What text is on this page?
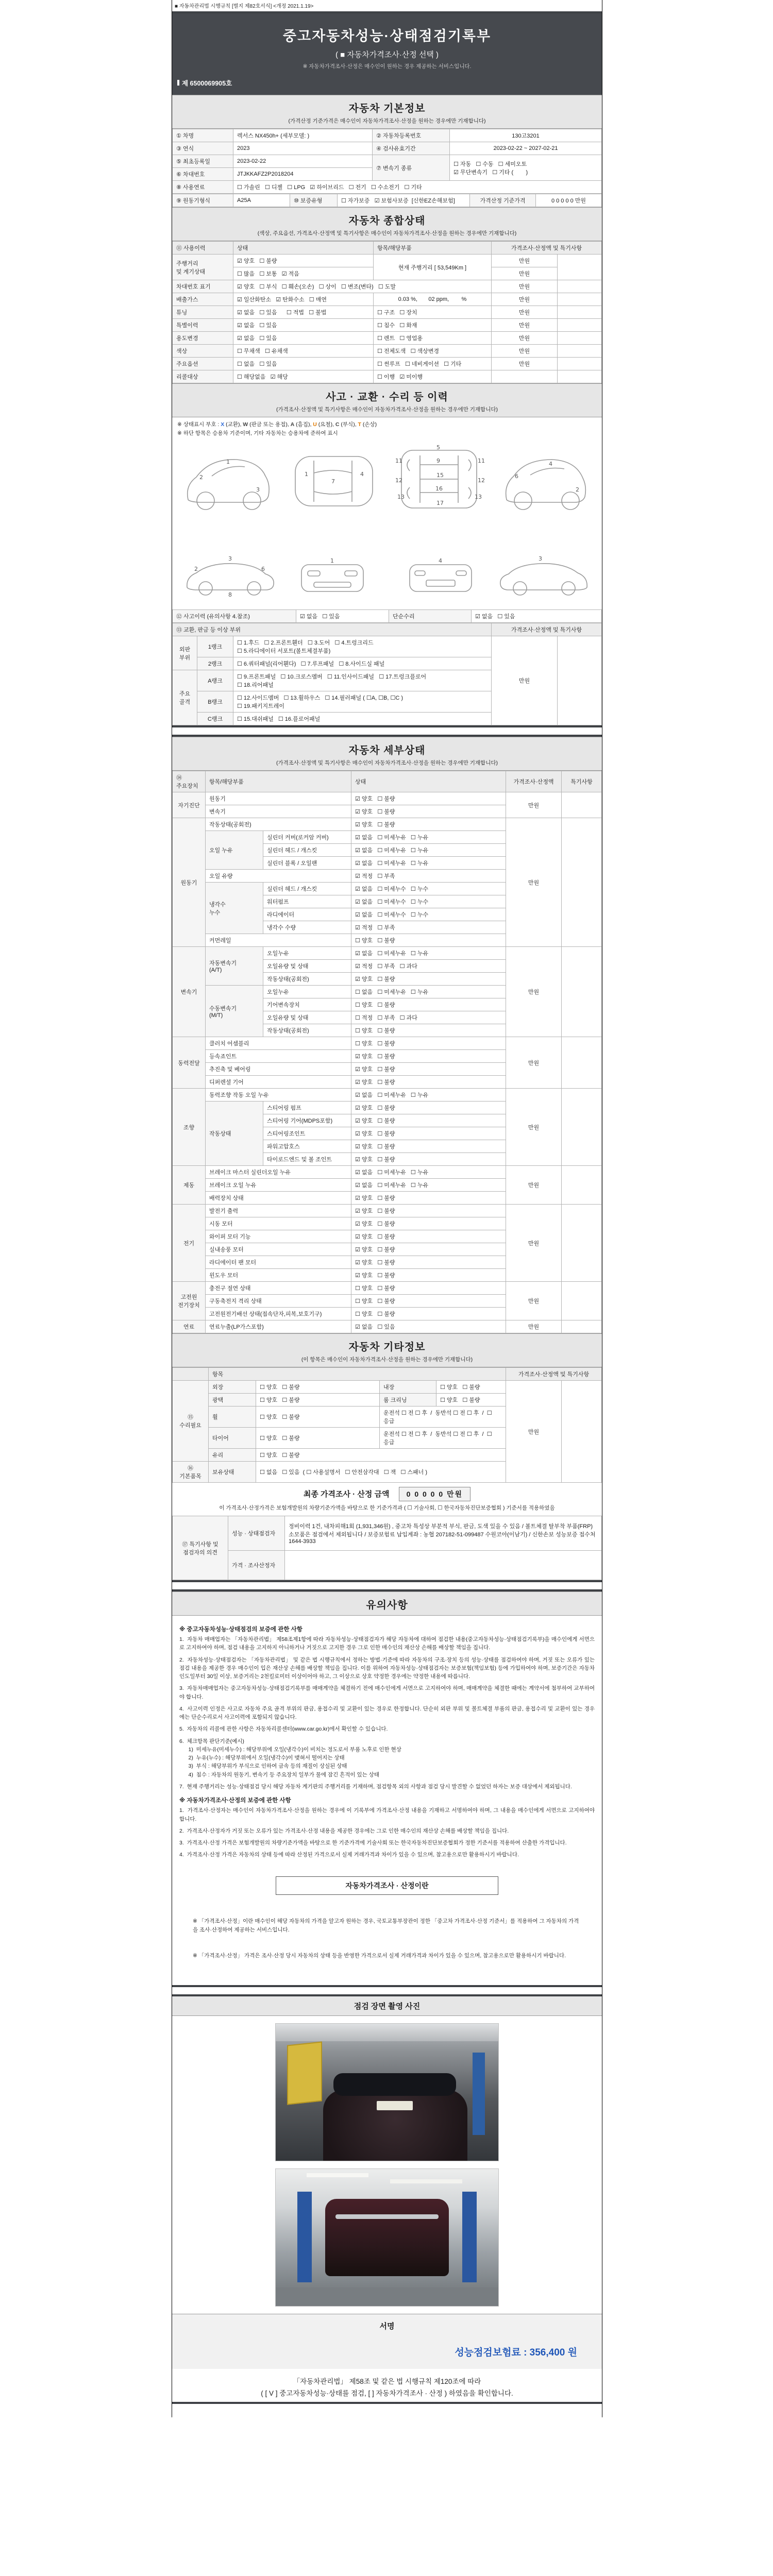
■ 자동차관리법 시행규칙 [별지 제82호서식] <개정 2021.1.19>
중고자동차성능·상태점검기록부
( ■ 자동차가격조사·산정 선택 )
※ 자동차가격조사·산정은 매수인이 원하는 경우 제공하는 서비스입니다.
제 6500069905호
자동차 기본정보
(가격산정 기준가격은 매수인이 자동차가격조사·산정을 원하는 경우에만 기재합니다)
① 차명	렉서스 NX450h+ (세부모델: )	② 자동차등록번호	130고3201
③ 연식	2023	④ 검사유효기간	2023-02-22 ~ 2027-02-21
⑤ 최초등록일	2023-02-22	⑦ 변속기 종류	☐ 자동   ☐ 수동   ☐ 세미오토
☑ 무단변속기   ☐ 기타 (        )
⑥ 차대번호	JTJKKAFZ2P2018204		
⑧ 사용연료	☐ 가솔린   ☐ 디젤   ☐ LPG   ☑ 하이브리드   ☐ 전기   ☐ 수소전기   ☐ 기타		
⑨ 원동기형식	A25A	⑩ 보증유형	☐ 자가보증   ☑ 보험사보증  [신한EZ손해보험]	가격산정 기준가격	0 0 0 0 0 만원
자동차 종합상태
(색상, 주요옵션, 가격조사·산정액 및 특기사항은 매수인이 자동차가격조사·산정을 원하는 경우에만 기재합니다)
⑪ 사용이력	상태	항목/해당부품	가격조사·산정액 및 특기사항	
주행거리
및 계기상태	☑ 양호   ☐ 불량	현재 주행거리 [ 53,549Km ]	만원	
	☐ 많음   ☐ 보통   ☑ 적음		만원	
차대번호 표기	☑ 양호   ☐ 부식   ☐ 훼손(오손)   ☐ 상이   ☐ 변조(변타)   ☐ 도말		만원	
배출가스	☑ 일산화탄소   ☑ 탄화수소   ☐ 매연	0.03 %,       02 ppm,        %	만원	
튜닝	☑ 없음   ☐ 있음      ☐ 적법   ☐ 불법	☐ 구조   ☐ 장치	만원	
특별이력	☑ 없음   ☐ 있음	☐ 침수   ☐ 화재	만원	
용도변경	☑ 없음   ☐ 있음	☐ 렌트   ☐ 영업용	만원	
색상	☐ 무채색   ☐ 유채색	☐ 전체도색   ☐ 색상변경	만원	
주요옵션	☐ 없음   ☐ 있음	☐ 썬루프   ☐ 네비게이션   ☐ 기타	만원	
리콜대상	☐ 해당없음   ☑ 해당	☐ 이행   ☑ 미이행		
사고 · 교환 · 수리 등 이력
(가격조사·산정액 및 특기사항은 매수인이 자동차가격조사·산정을 원하는 경우에만 기재합니다)
※ 상태표시 부호 : X (교환), W (판금 또는 용접), A (흠집), U (요철), C (부식), T (손상)
※ 하단 항목은 승용차 기준이며, 기타 자동차는 승용차에 준하여 표시
2
1
3
1
7
4
5
9
11	11
12	12
15
16
17
13	13
6
4
2
3
2	6
8
1	4	3
⑫ 사고이력 (유의사항 4.참조)	☑ 없음   ☐ 있음	단순수리	☑ 없음   ☐ 있음
⑬ 교환, 판금 등 이상 부위			가격조사·산정액 및 특기사항	
외판 부위	1랭크	☐ 1.후드   ☐ 2.프론트휀더   ☐ 3.도어   ☐ 4.트렁크리드
☐ 5.라디에이터 서포트(볼트체결부품)	만원	
	2랭크	☐ 6.쿼터패널(리어휀다)   ☐ 7.루프패널   ☐ 8.사이드실 패널		
주요 골격	A랭크	☐ 9.프론트패널   ☐ 10.크로스멤버   ☐ 11.인사이드패널   ☐ 17.트렁크플로어
☐ 18.리어패널		
	B랭크	☐ 12.사이드멤버   ☐ 13.휠하우스   ☐ 14.필러패널 ( ☐A, ☐B, ☐C )
☐ 19.패키지트레이		
	C랭크	☐ 15.대쉬패널   ☐ 16.플로어패널		
자동차 세부상태
(가격조사·산정액 및 특기사항은 매수인이 자동차가격조사·산정을 원하는 경우에만 기재합니다)
⑭ 주요장치	항목/해당부품		상태	가격조사·산정액	특기사항
자기진단	원동기		☑ 양호   ☐ 불량	만원	
	변속기		☑ 양호   ☐ 불량		
원동기	작동상태(공회전)		☑ 양호   ☐ 불량	만원	
	오일 누유	실린더 커버(로커암 커버)	☑ 없음   ☐ 미세누유   ☐ 누유		
		실린더 헤드 / 개스킷	☑ 없음   ☐ 미세누유   ☐ 누유		
		실린더 블록 / 오일팬	☑ 없음   ☐ 미세누유   ☐ 누유		
	오일 유량		☑ 적정   ☐ 부족		
	냉각수
누수	실린더 헤드 / 개스킷	☑ 없음   ☐ 미세누수   ☐ 누수		
		워터펌프	☑ 없음   ☐ 미세누수   ☐ 누수		
		라디에이터	☑ 없음   ☐ 미세누수   ☐ 누수		
		냉각수 수량	☑ 적정   ☐ 부족		
	커먼레일		☐ 양호   ☐ 불량		
변속기	자동변속기
(A/T)	오일누유	☑ 없음   ☐ 미세누유   ☐ 누유	만원	
		오일유량 및 상태	☑ 적정   ☐ 부족   ☐ 과다		
		작동상태(공회전)	☑ 양호   ☐ 불량		
	수동변속기
(M/T)	오일누유	☐ 없음   ☐ 미세누유   ☐ 누유		
		기어변속장치	☐ 양호   ☐ 불량		
		오일유량 및 상태	☐ 적정   ☐ 부족   ☐ 과다		
		작동상태(공회전)	☐ 양호   ☐ 불량		
동력전달	클러치 어셈블리		☐ 양호   ☐ 불량	만원	
	등속죠인트		☑ 양호   ☐ 불량		
	추진축 및 베어링		☑ 양호   ☐ 불량		
	디퍼렌셜 기어		☑ 양호   ☐ 불량		
조향	동력조향 작동 오일 누유		☑ 없음   ☐ 미세누유   ☐ 누유	만원	
	작동상태	스티어링 펌프	☑ 양호   ☐ 불량		
		스티어링 기어(MDPS포함)	☑ 양호   ☐ 불량		
		스티어링조인트	☑ 양호   ☐ 불량		
		파워고압호스	☑ 양호   ☐ 불량		
		타이로드엔드 및 볼 조인트	☑ 양호   ☐ 불량		
제동	브레이크 마스터 실린더오일 누유		☑ 없음   ☐ 미세누유   ☐ 누유	만원	
	브레이크 오일 누유		☑ 없음   ☐ 미세누유   ☐ 누유		
	배력장치 상태		☑ 양호   ☐ 불량		
전기	발전기 출력		☑ 양호   ☐ 불량	만원	
	시동 모터		☑ 양호   ☐ 불량		
	와이퍼 모터 기능		☑ 양호   ☐ 불량		
	실내송풍 모터		☑ 양호   ☐ 불량		
	라디에이터 팬 모터		☑ 양호   ☐ 불량		
	윈도우 모터		☑ 양호   ☐ 불량		
고전원
전기장치	충전구 절연 상태		☐ 양호   ☐ 불량	만원	
	구동축전지 격리 상태		☐ 양호   ☐ 불량		
	고전원전기배선 상태(접속단자,피복,보호기구)		☐ 양호   ☐ 불량		
연료	연료누출(LP가스포함)		☑ 없음   ☐ 있음	만원	
자동차 기타정보
(이 항목은 매수인이 자동차가격조사·산정을 원하는 경우에만 기재합니다)
	항목				가격조사·산정액 및 특기사항	
⑮ 수리필요	외장	☐ 양호   ☐ 불량	내장	☐ 양호   ☐ 불량	만원	
	광택	☐ 양호   ☐ 불량	룸 크리닝	☐ 양호   ☐ 불량		
	휠	☐ 양호   ☐ 불량	운전석 ☐ 전 ☐ 후  /  동반석 ☐ 전 ☐ 후  /  ☐ 응급			
	타이어	☐ 양호   ☐ 불량	운전석 ☐ 전 ☐ 후  /  동반석 ☐ 전 ☐ 후  /  ☐ 응급			
	유리	☐ 양호   ☐ 불량				
⑯ 기본품목	보유상태	☐ 없음   ☐ 있음  ( ☐ 사용설명서   ☐ 안전삼각대   ☐ 잭   ☐ 스패너 )				
최종 가격조사 · 산정 금액 0 0 0 0 0 만원
이 가격조사·산정가격은 보험개발원의 차량기준가액을 바탕으로 한 기준가격과 ( ☐ 기술사회, ☐ 한국자동차진단보증협회 ) 기준서를 적용하였음
⑰ 특기사항 및
점검자의 의견	성능 · 상태점검자	정비이력 1건, 내차피해1회 (1,931,346원) , 중고차 특성상 부분적 부식, 판금, 도색 있을 수 있음 / 볼트체결 탈부착 부품(FRP)소모품은 점검에서 제외됩니다 / 보증보험료 납입계좌 : 농협 207182-51-099487 수원코아(이남기) / 신한손보 성능보증 접수처 1644-3933
	가격 · 조사산정자	
유의사항
※ 중고자동차성능·상태점검의 보증에 관한 사항

1.  자동차 매매업자는 「자동차관리법」 제58조제1항에 따라 자동차성능·상태점검자가 해당 자동차에 대하여 점검한 내용(중고자동차성능·상태점검기록부)을 매수인에게 서면으로 고지하여야 하며, 점검 내용을 고지하지 아니하거나 거짓으로 고지한 경우 그로 인한 매수인의 재산상 손해를 배상할 책임을 집니다.

2.  자동차성능·상태점검자는 「자동차관리법」 및 같은 법 시행규칙에서 정하는 방법·기준에 따라 자동차의 구조·장치 등의 성능·상태를 점검하여야 하며, 거짓 또는 오류가 있는 점검 내용을 제공한 경우 매수인이 입은 재산상 손해를 배상할 책임을 집니다. 이를 위하여 자동차성능·상태점검자는 보증보험(책임보험) 등에 가입하여야 하며, 보증기간은 자동차 인도일부터 30일 이상, 보증거리는 2천킬로미터 이상이어야 하고, 그 이상으로 상호 약정한 경우에는 약정한 내용에 따릅니다.

3.  자동차매매업자는 중고자동차성능·상태점검기록부를 매매계약을 체결하기 전에 매수인에게 서면으로 고지하여야 하며, 매매계약을 체결한 때에는 계약서에 첨부하여 교부하여야 합니다.

4.  사고이력 인정은 사고로 자동차 주요 골격 부위의 판금, 용접수리 및 교환이 있는 경우로 한정합니다. 단순히 외판 부위 및 볼트체결 부품의 판금, 용접수리 및 교환이 있는 경우에는 단순수리로서 사고이력에 포함되지 않습니다.

5.  자동차의 리콜에 관한 사항은 자동차리콜센터(www.car.go.kr)에서 확인할 수 있습니다.

6.  체크항목 판단기준(예시)
1)  미세누유(미세누수) : 해당부위에 오일(냉각수)이 비치는 정도로서 부품 노후로 인한 현상
2)  누유(누수) : 해당부위에서 오일(냉각수)이 맺혀서 떨어지는 상태
3)  부식 : 해당부위가 부식으로 인하여 금속 등의 재질이 상실된 상태
4)  침수 : 자동차의 원동기, 변속기 등 주요장치 일부가 물에 잠긴 흔적이 있는 상태

7.  현재 주행거리는 성능·상태점검 당시 해당 자동차 계기판의 주행거리를 기재하며, 점검항목 외의 사항과 점검 당시 발견할 수 없었던 하자는 보증 대상에서 제외됩니다.

※ 자동차가격조사·산정의 보증에 관한 사항

1.  가격조사·산정자는 매수인이 자동차가격조사·산정을 원하는 경우에 이 기록부에 가격조사·산정 내용을 기재하고 서명하여야 하며, 그 내용을 매수인에게 서면으로 고지하여야 합니다.

2.  가격조사·산정자가 거짓 또는 오류가 있는 가격조사·산정 내용을 제공한 경우에는 그로 인한 매수인의 재산상 손해를 배상할 책임을 집니다.

3.  가격조사·산정 가격은 보험개발원의 차량기준가액을 바탕으로 한 기준가격에 기술사회 또는 한국자동차진단보증협회가 정한 기준서를 적용하여 산출한 가격입니다.

4.  가격조사·산정 가격은 자동차의 상태 등에 따라 산정된 가격으로서 실제 거래가격과 차이가 있을 수 있으며, 참고용으로만 활용하시기 바랍니다.

자동차가격조사 · 산정이란

※ 「가격조사·산정」이란 매수인이 해당 자동차의 가격을 알고자 원하는 경우, 국토교통부장관이 정한 「중고차 가격조사·산정 기준서」를 적용하여 그 자동차의 가격을 조사·산정하여 제공하는 서비스입니다.

※ 「가격조사·산정」 가격은 조사·산정 당시 자동차의 상태 등을 반영한 가격으로서 실제 거래가격과 차이가 있을 수 있으며, 참고용으로만 활용하시기 바랍니다.

점검 장면 촬영 사진
서명
성능점검보험료 : 356,400 원
「자동차관리법」 제58조 및 같은 법 시행규칙 제120조에 따라
( [ V ] 중고자동차성능·상태를 점검, [ ] 자동차가격조사 · 산정 ) 하였음을 확인합니다.
